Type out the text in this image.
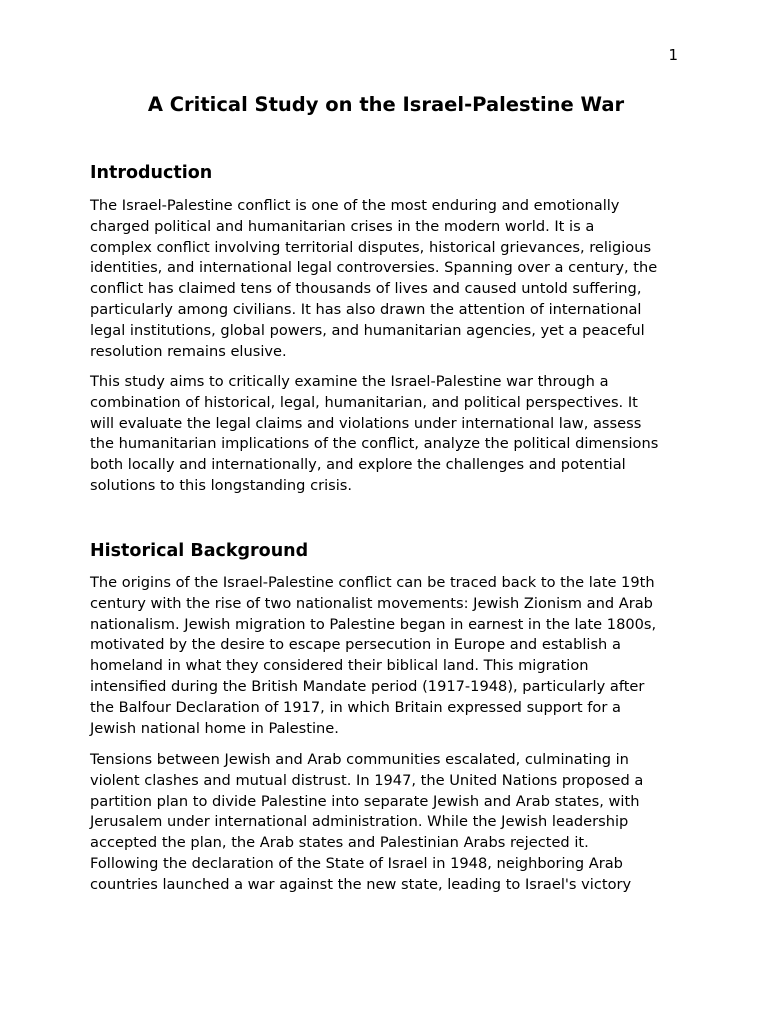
1
A Critical Study on the Israel-Palestine War
Introduction

The Israel-Palestine conflict is one of the most enduring and emotionally
charged political and humanitarian crises in the modern world. It is a
complex conflict involving territorial disputes, historical grievances, religious
identities, and international legal controversies. Spanning over a century, the
conflict has claimed tens of thousands of lives and caused untold suffering,
particularly among civilians. It has also drawn the attention of international
legal institutions, global powers, and humanitarian agencies, yet a peaceful
resolution remains elusive.

This study aims to critically examine the Israel-Palestine war through a
combination of historical, legal, humanitarian, and political perspectives. It
will evaluate the legal claims and violations under international law, assess
the humanitarian implications of the conflict, analyze the political dimensions
both locally and internationally, and explore the challenges and potential
solutions to this longstanding crisis.

Historical Background

The origins of the Israel-Palestine conflict can be traced back to the late 19th
century with the rise of two nationalist movements: Jewish Zionism and Arab
nationalism. Jewish migration to Palestine began in earnest in the late 1800s,
motivated by the desire to escape persecution in Europe and establish a
homeland in what they considered their biblical land. This migration
intensified during the British Mandate period (1917-1948), particularly after
the Balfour Declaration of 1917, in which Britain expressed support for a
Jewish national home in Palestine.

Tensions between Jewish and Arab communities escalated, culminating in
violent clashes and mutual distrust. In 1947, the United Nations proposed a
partition plan to divide Palestine into separate Jewish and Arab states, with
Jerusalem under international administration. While the Jewish leadership
accepted the plan, the Arab states and Palestinian Arabs rejected it.
Following the declaration of the State of Israel in 1948, neighboring Arab
countries launched a war against the new state, leading to Israel's victory
